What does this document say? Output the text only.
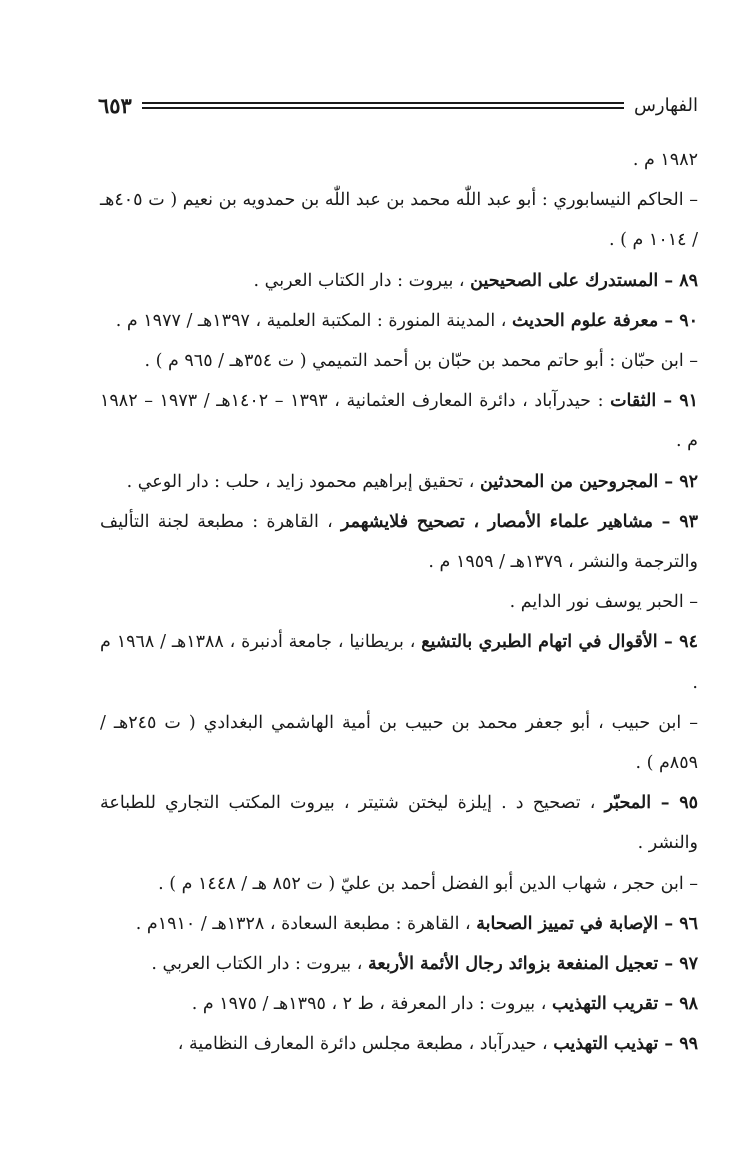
الفهارس
٦٥٣

١٩٨٢ م .

– الحاكم النيسابوري : أبو عبد اللّٰه محمد بن عبد اللّٰه بن حمدويه بن نعيم ( ت ٤٠٥هـ / ١٠١٤ م ) .

٨٩ – المستدرك على الصحيحين ، بيروت : دار الكتاب العربي .

٩٠ – معرفة علوم الحديث ، المدينة المنورة : المكتبة العلمية ، ١٣٩٧هـ / ١٩٧٧ م .

– ابن حبّان : أبو حاتم محمد بن حبّان بن أحمد التميمي ( ت ٣٥٤هـ / ٩٦٥ م ) .

٩١ – الثقات : حيدرآباد ، دائرة المعارف العثمانية ، ١٣٩٣ – ١٤٠٢هـ / ١٩٧٣ – ١٩٨٢ م .

٩٢ – المجروحين من المحدثين ، تحقيق إبراهيم محمود زايد ، حلب : دار الوعي .

٩٣ – مشاهير علماء الأمصار ، تصحيح فلايشهمر ، القاهرة : مطبعة لجنة التأليف والترجمة والنشر ، ١٣٧٩هـ / ١٩٥٩ م .

– الحبر يوسف نور الدايم .

٩٤ – الأقوال في اتهام الطبري بالتشيع ، بريطانيا ، جامعة أدنبرة ، ١٣٨٨هـ / ١٩٦٨ م .

– ابن حبيب ، أبو جعفر محمد بن حبيب بن أمية الهاشمي البغدادي ( ت ٢٤٥هـ / ٨٥٩م ) .

٩٥ – المحبّر ، تصحيح د . إيلزة ليختن شتيتر ، بيروت المكتب التجاري للطباعة والنشر .

– ابن حجر ، شهاب الدين أبو الفضل أحمد بن عليّ ( ت ٨٥٢ هـ / ١٤٤٨ م ) .

٩٦ – الإصابة في تمييز الصحابة ، القاهرة : مطبعة السعادة ، ١٣٢٨هـ / ١٩١٠م .

٩٧ – تعجيل المنفعة بزوائد رجال الأئمة الأربعة ، بيروت : دار الكتاب العربي .

٩٨ – تقريب التهذيب ، بيروت : دار المعرفة ، ط ٢ ، ١٣٩٥هـ / ١٩٧٥ م .

٩٩ – تهذيب التهذيب ، حيدرآباد ، مطبعة مجلس دائرة المعارف النظامية ،
